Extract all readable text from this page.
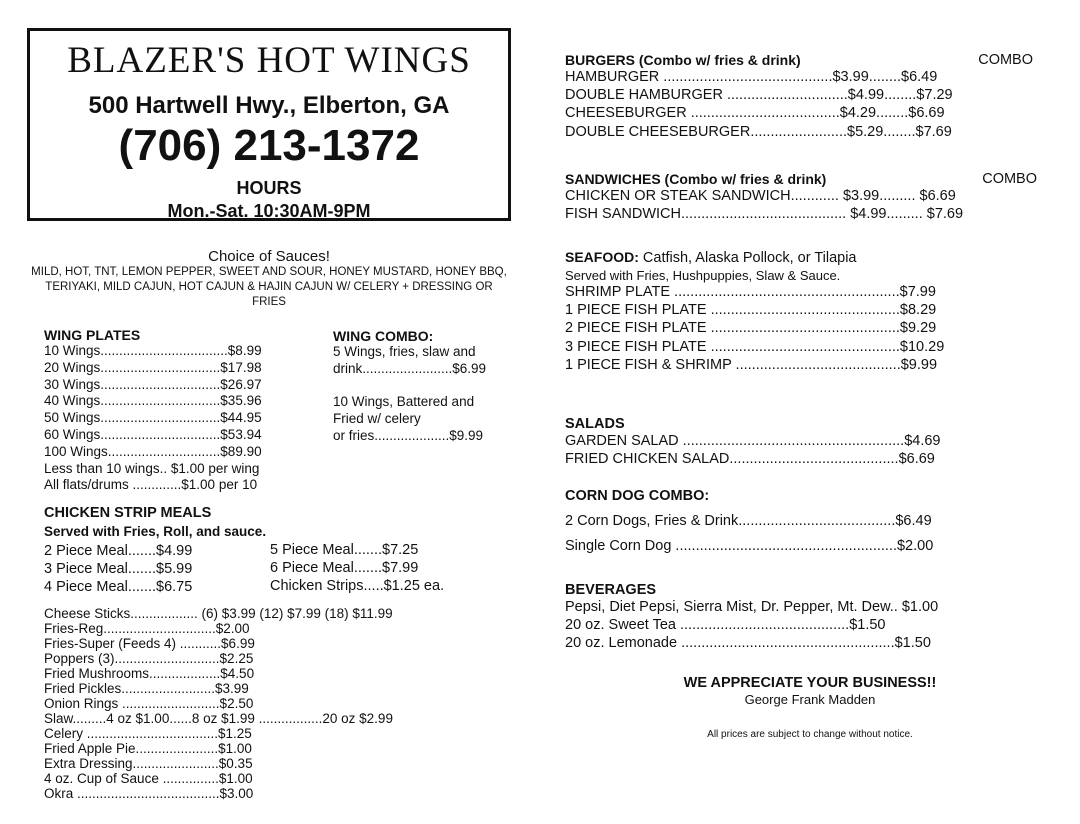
BLAZER'S HOT WINGS
500 Hartwell Hwy., Elberton, GA
(706) 213-1372
HOURS
Mon.-Sat. 10:30AM-9PM
Choice of Sauces!
MILD, HOT, TNT, LEMON PEPPER, SWEET AND SOUR, HONEY MUSTARD, HONEY BBQ, TERIYAKI, MILD CAJUN, HOT CAJUN & HAJIN CAJUN W/ CELERY + DRESSING OR FRIES
WING PLATES
10 Wings..................................$8.99
20 Wings................................$17.98
30 Wings................................$26.97
40 Wings................................$35.96
50 Wings................................$44.95
60 Wings................................$53.94
100 Wings..............................$89.90
Less than 10 wings.. $1.00 per wing
All flats/drums .............$1.00 per 10
WING COMBO:
5 Wings, fries, slaw and
drink........................$6.99
10 Wings, Battered and
Fried w/ celery
or fries....................$9.99
CHICKEN STRIP MEALS
Served with Fries, Roll, and sauce.
2 Piece Meal.......$4.99
3 Piece Meal.......$5.99
4 Piece Meal.......$6.75
5 Piece Meal.......$7.25
6 Piece Meal.......$7.99
Chicken Strips.....$1.25 ea.
Cheese Sticks.................. (6) $3.99 (12) $7.99 (18) $11.99
Fries-Reg..............................$2.00
Fries-Super (Feeds 4) ...........$6.99
Poppers (3)............................$2.25
Fried Mushrooms...................$4.50
Fried Pickles.........................$3.99
Onion Rings ..........................$2.50
Slaw.........4 oz $1.00......8 oz $1.99 .................20 oz $2.99
Celery ...................................$1.25
Fried Apple Pie......................$1.00
Extra Dressing.......................$0.35
4 oz. Cup of Sauce ...............$1.00
Okra ......................................$3.00
BURGERS (Combo w/ fries & drink)	COMBO
HAMBURGER ..........................................$3.99........$6.49
DOUBLE HAMBURGER ..............................$4.99........$7.29
CHEESEBURGER .....................................$4.29........$6.69
DOUBLE CHEESEBURGER........................$5.29........$7.69
SANDWICHES (Combo w/ fries & drink)	COMBO
CHICKEN OR STEAK SANDWICH............ $3.99......... $6.69
FISH SANDWICH......................................... $4.99......... $7.69
SEAFOOD: Catfish, Alaska Pollock, or Tilapia
Served with Fries, Hushpuppies, Slaw & Sauce.
SHRIMP PLATE ........................................................$7.99
1 PIECE FISH PLATE ...............................................$8.29
2 PIECE FISH PLATE ...............................................$9.29
3 PIECE FISH PLATE ...............................................$10.29
1 PIECE FISH & SHRIMP .........................................$9.99
SALADS
GARDEN SALAD .......................................................$4.69
FRIED CHICKEN SALAD..........................................$6.69
CORN DOG COMBO:
2 Corn Dogs, Fries & Drink.......................................$6.49
Single Corn Dog .......................................................$2.00
BEVERAGES
Pepsi, Diet Pepsi, Sierra Mist, Dr. Pepper, Mt. Dew.. $1.00
20 oz. Sweet Tea ..........................................$1.50
20 oz. Lemonade .....................................................$1.50
WE APPRECIATE YOUR BUSINESS!!
George Frank Madden
All prices are subject to change without notice.
